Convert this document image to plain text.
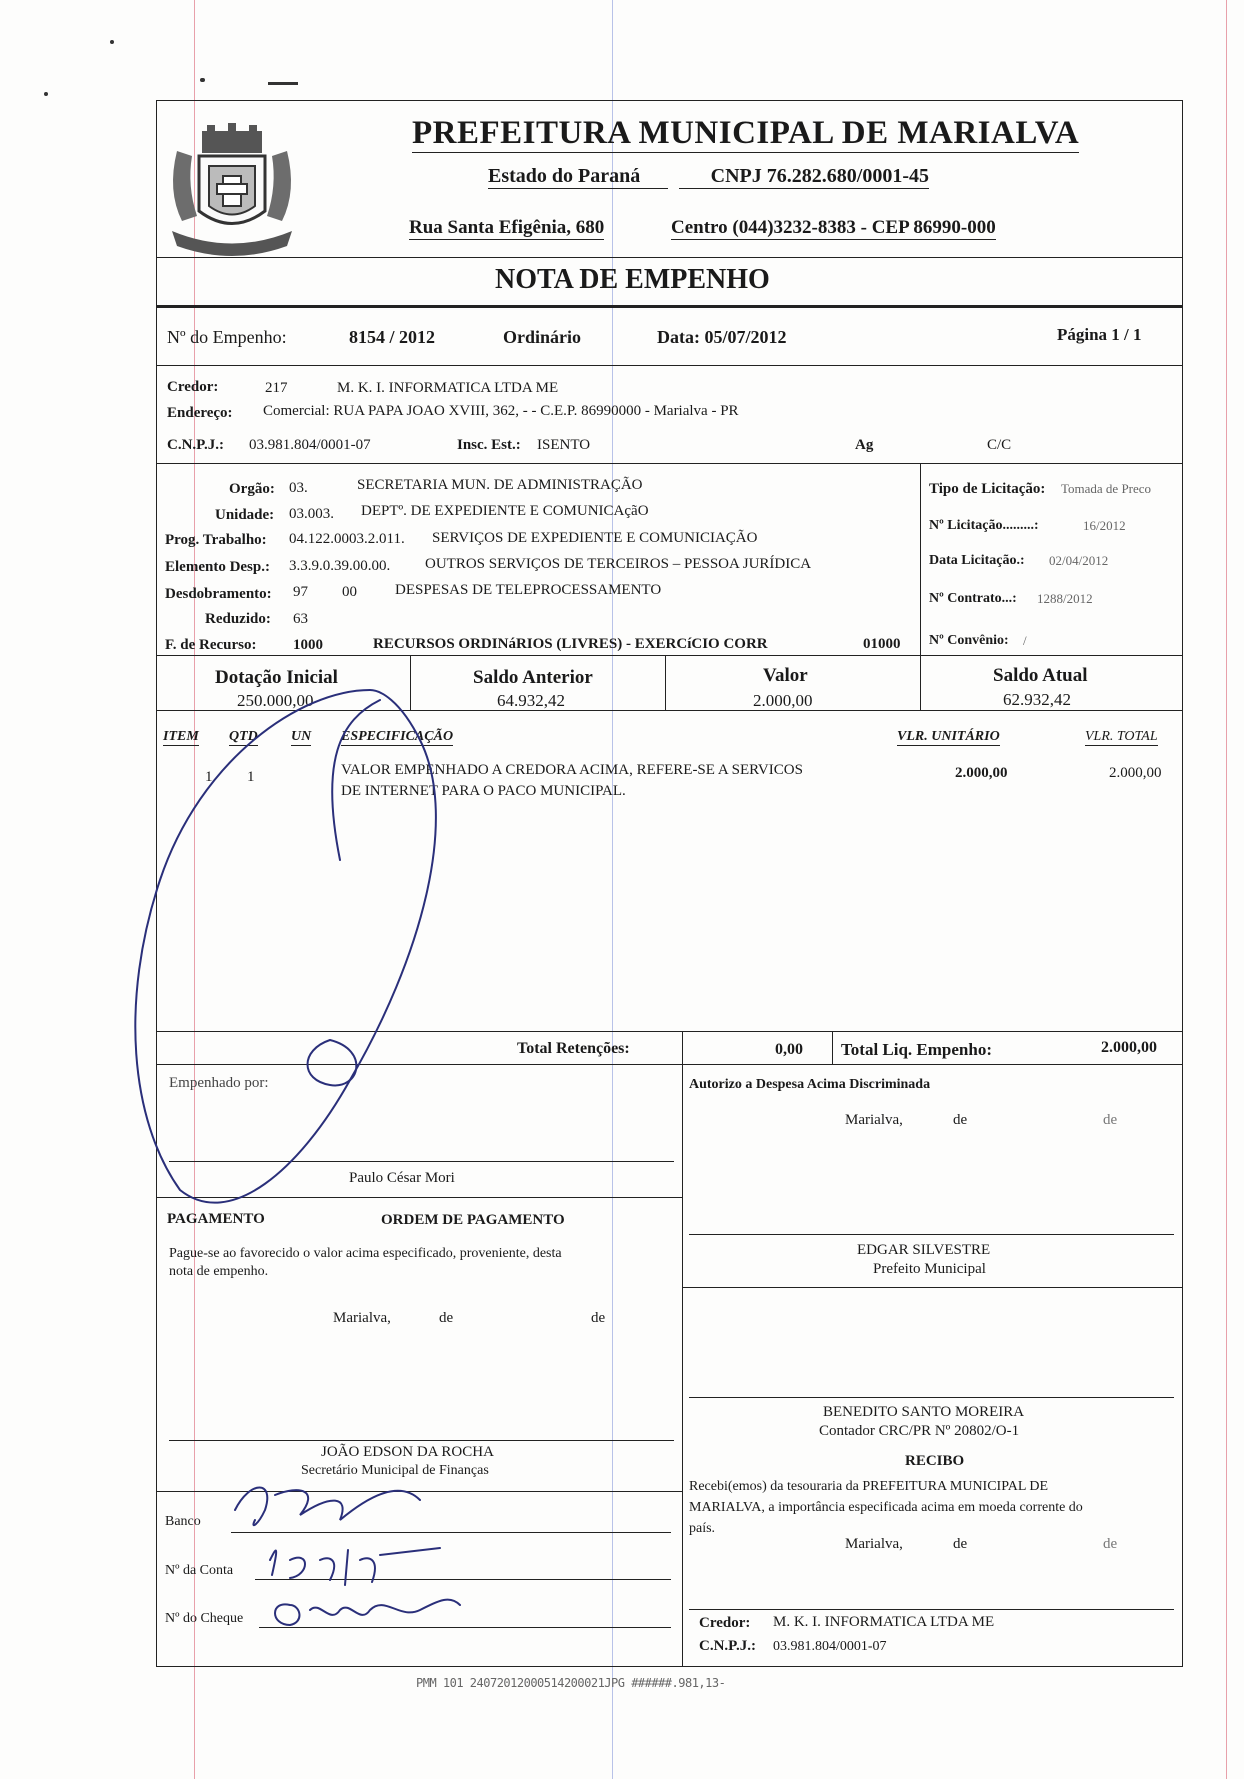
PREFEITURA MUNICIPAL DE MARIALVA
Estado do Paraná	CNPJ 76.282.680/0001-45
Rua Santa Efigênia, 680	Centro (044)3232-8383 - CEP 86990-000
NOTA DE EMPENHO
Nº do Empenho:	8154 / 2012	Ordinário	Data: 05/07/2012	Página 1 / 1
Credor:	217	M. K. I. INFORMATICA LTDA ME
Endereço: Comercial: RUA PAPA JOAO XVIII, 362, - - C.E.P. 86990000 - Marialva - PR
C.N.P.J.: 03.981.804/0001-07	Insc. Est.: ISENTO	Ag	C/C
Orgão: 03.	SECRETARIA MUN. DE ADMINISTRAÇÃO
Unidade: 03.003. DEPTº. DE EXPEDIENTE E COMUNICAçãO
Prog. Trabalho: 04.122.0003.2.011. SERVIÇOS DE EXPEDIENTE E COMUNICIAÇÃO
Elemento Desp.: 3.3.9.0.39.00.00. OUTROS SERVIÇOS DE TERCEIROS – PESSOA JURÍDICA
Desdobramento: 97 00	DESPESAS DE TELEPROCESSAMENTO
Reduzido: 63
F. de Recurso: 1000	RECURSOS ORDINáRIOS (LIVRES) - EXERCíCIO CORR	01000
Tipo de Licitação: Tomada de Preco
Nº Licitação.........:	16/2012
Data Licitação.: 02/04/2012
Nº Contrato...: 1288/2012
Nº Convênio: /
Dotação Inicial
250.000,00
Saldo Anterior
64.932,42
Valor
2.000,00
Saldo Atual
62.932,42
ITEM QTD UN ESPECIFICAÇÃO	VLR. UNITÁRIO	VLR. TOTAL
1 1	VALOR EMPENHADO A CREDORA ACIMA, REFERE-SE A SERVICOS
DE INTERNET PARA O PACO MUNICIPAL.
2.000,00	2.000,00
Total Retenções:	0,00 Total Liq. Empenho:	2.000,00
Empenhado por:
Paulo César Mori
Autorizo a Despesa Acima Discriminada
Marialva,	de	de
EDGAR SILVESTRE
Prefeito Municipal
BENEDITO SANTO MOREIRA
Contador CRC/PR Nº 20802/O-1
PAGAMENTO	ORDEM DE PAGAMENTO
Pague-se ao favorecido o valor acima especificado, proveniente, desta
nota de empenho.
Marialva,	de	de
JOÃO EDSON DA ROCHA
Secretário Municipal de Finanças
Banco
Nº da Conta
Nº do Cheque
RECIBO
Recebi(emos) da tesouraria da PREFEITURA MUNICIPAL DE
MARIALVA, a importância especificada acima em moeda corrente do
país.
Marialva,	de	de
Credor: M. K. I. INFORMATICA LTDA ME
C.N.P.J.: 03.981.804/0001-07
PMM 101 24072012000514200021JPG ######.981,13-
